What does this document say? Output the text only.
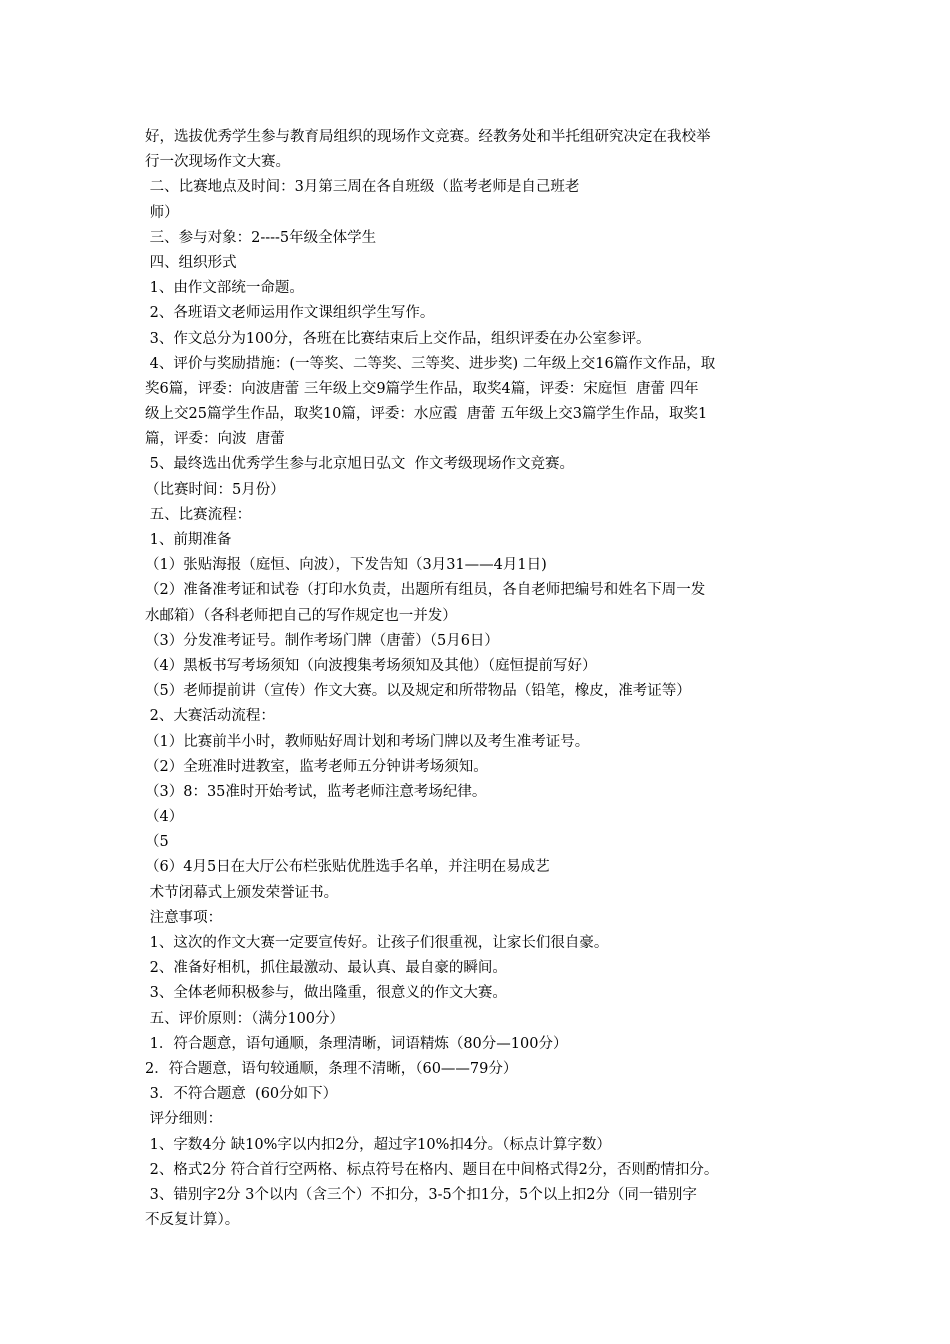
好，选拔优秀学生参与教育局组织的现场作文竞赛。经教务处和半托组研究决定在我校举
行一次现场作文大赛。
二、比赛地点及时间：3月第三周在各自班级（监考老师是自己班老
师）
三、参与对象：2----5年级全体学生
四、组织形式
1、由作文部统一命题。
2、各班语文老师运用作文课组织学生写作。
3、作文总分为100分，各班在比赛结束后上交作品，组织评委在办公室参评。
4、评价与奖励措施：(一等奖、二等奖、三等奖、进步奖) 二年级上交16篇作文作品，取
奖6篇，评委：向波唐蕾 三年级上交9篇学生作品，取奖4篇，评委：宋庭恒  唐蕾 四年
级上交25篇学生作品，取奖10篇，评委：水应霞  唐蕾 五年级上交3篇学生作品，取奖1
篇，评委：向波  唐蕾
5、最终选出优秀学生参与北京旭日弘文  作文考级现场作文竞赛。
（比赛时间：5月份）
五、比赛流程：
1、前期准备
（1）张贴海报（庭恒、向波），下发告知（3月31——4月1日)
（2）准备准考证和试卷（打印水负责，出题所有组员，各自老师把编号和姓名下周一发
水邮箱）（各科老师把自己的写作规定也一并发）
（3）分发准考证号。制作考场门牌（唐蕾）（5月6日）
（4）黑板书写考场须知（向波搜集考场须知及其他）（庭恒提前写好）
（5）老师提前讲（宣传）作文大赛。以及规定和所带物品（铅笔，橡皮，准考证等）
2、大赛活动流程：
（1）比赛前半小时，教师贴好周计划和考场门牌以及考生准考证号。
（2）全班准时进教室，监考老师五分钟讲考场须知。
（3）8：35准时开始考试，监考老师注意考场纪律。
（4）
（5
（6）4月5日在大厅公布栏张贴优胜选手名单，并注明在易成艺
术节闭幕式上颁发荣誉证书。
注意事项：
1、这次的作文大赛一定要宣传好。让孩子们很重视，让家长们很自豪。
2、准备好相机，抓住最激动、最认真、最自豪的瞬间。
3、全体老师积极参与，做出隆重，很意义的作文大赛。
五、评价原则：（满分100分）
1．符合题意，语句通顺，条理清晰，词语精炼（80分—100分）
2．符合题意，语句较通顺，条理不清晰，（60——79分）
3．不符合题意  (60分如下）
评分细则：
1、字数4分 缺10%字以内扣2分，超过字10%扣4分。（标点计算字数）
2、格式2分 符合首行空两格、标点符号在格内、题目在中间格式得2分，否则酌情扣分。
3、错别字2分 3个以内（含三个）不扣分，3-5个扣1分，5个以上扣2分（同一错别字
不反复计算）。
